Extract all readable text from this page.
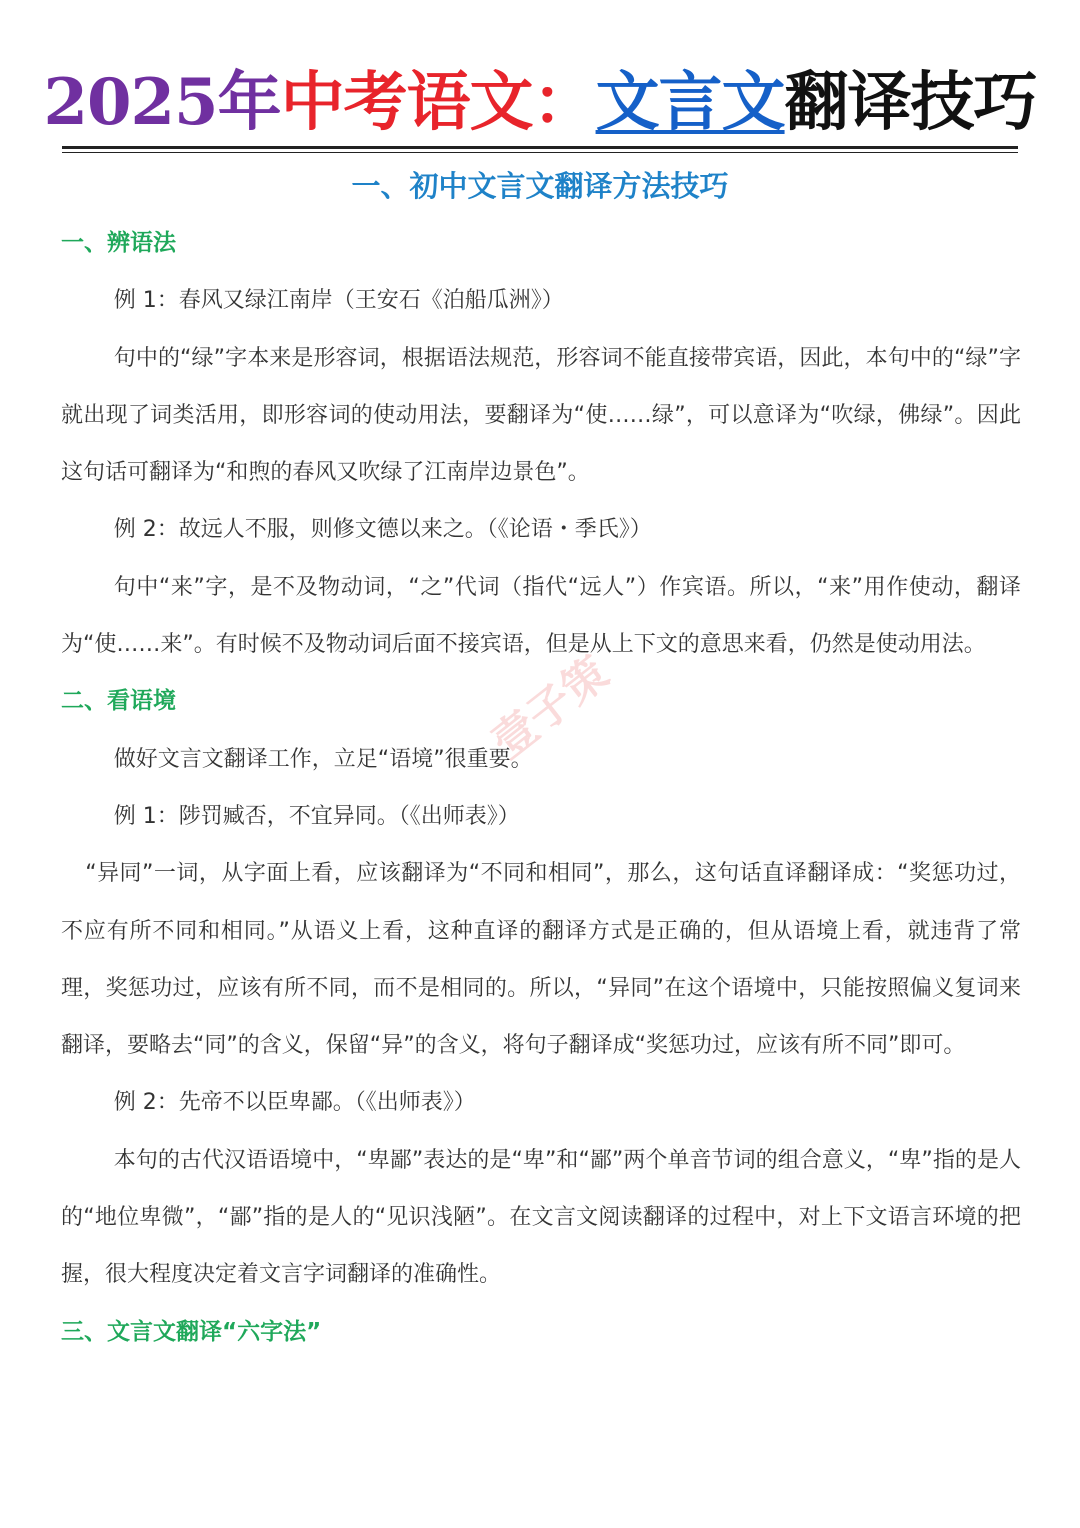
2025年中考语文：文言文翻译技巧
一、初中文言文翻译方法技巧

一、辨语法

例 1：春风又绿江南岸（王安石《泊船瓜洲》）

句中的“绿”字本来是形容词，根据语法规范，形容词不能直接带宾语，因此，本句中的“绿”字就出现了词类活用，即形容词的使动用法，要翻译为“使……绿”，可以意译为“吹绿，佛绿”。因此这句话可翻译为“和煦的春风又吹绿了江南岸边景色”。

例 2：故远人不服，则修文德以来之。（《论语・季氏》）

句中“来”字，是不及物动词，“之”代词（指代“远人”）作宾语。所以，“来”用作使动，翻译为“使……来”。有时候不及物动词后面不接宾语，但是从上下文的意思来看，仍然是使动用法。

二、看语境

做好文言文翻译工作，立足“语境”很重要。

例 1：陟罚臧否，不宜异同。（《出师表》）

“异同”一词，从字面上看，应该翻译为“不同和相同”，那么，这句话直译翻译成：“奖惩功过，不应有所不同和相同。”从语义上看，这种直译的翻译方式是正确的，但从语境上看，就违背了常理，奖惩功过，应该有所不同，而不是相同的。所以，“异同”在这个语境中，只能按照偏义复词来翻译，要略去“同”的含义，保留“异”的含义，将句子翻译成“奖惩功过，应该有所不同”即可。

例 2：先帝不以臣卑鄙。（《出师表》）

本句的古代汉语语境中，“卑鄙”表达的是“卑”和“鄙”两个单音节词的组合意义，“卑”指的是人的“地位卑微”，“鄙”指的是人的“见识浅陋”。在文言文阅读翻译的过程中，对上下文语言环境的把握，很大程度决定着文言字词翻译的准确性。

三、文言文翻译“六字法”

壹子策
